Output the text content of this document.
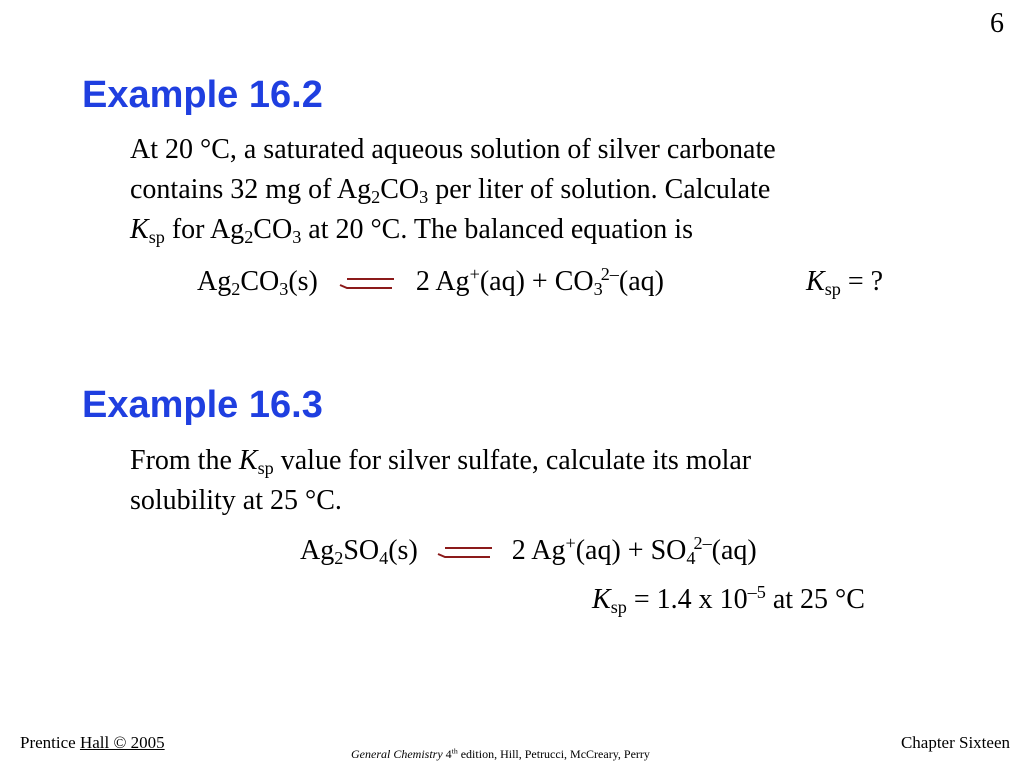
6
Example 16.2
At 20 °C, a saturated aqueous solution of silver carbonate
contains 32 mg of $Ag_2CO_3$ per liter of solution. Calculate
$K_{sp}$ for $Ag_2CO_3$ at 20 °C. The balanced equation is
$Ag_2CO_3(s)$	2 $Ag^+(aq) + CO_3^{2-}(aq)$	$K_{sp}$ = ?
Example 16.3
From the $K_{sp}$ value for silver sulfate, calculate its molar
solubility at 25 °C.
$Ag_2SO_4(s)$	2 $Ag^+(aq) + SO_4^{2-}(aq)$
$K_{sp} = 1.4$ x $10^{-5}$ at 25 °C
Prentice Hall © 2005
General Chemistry 4th edition, Hill, Petrucci, McCreary, Perry
Chapter Sixteen
